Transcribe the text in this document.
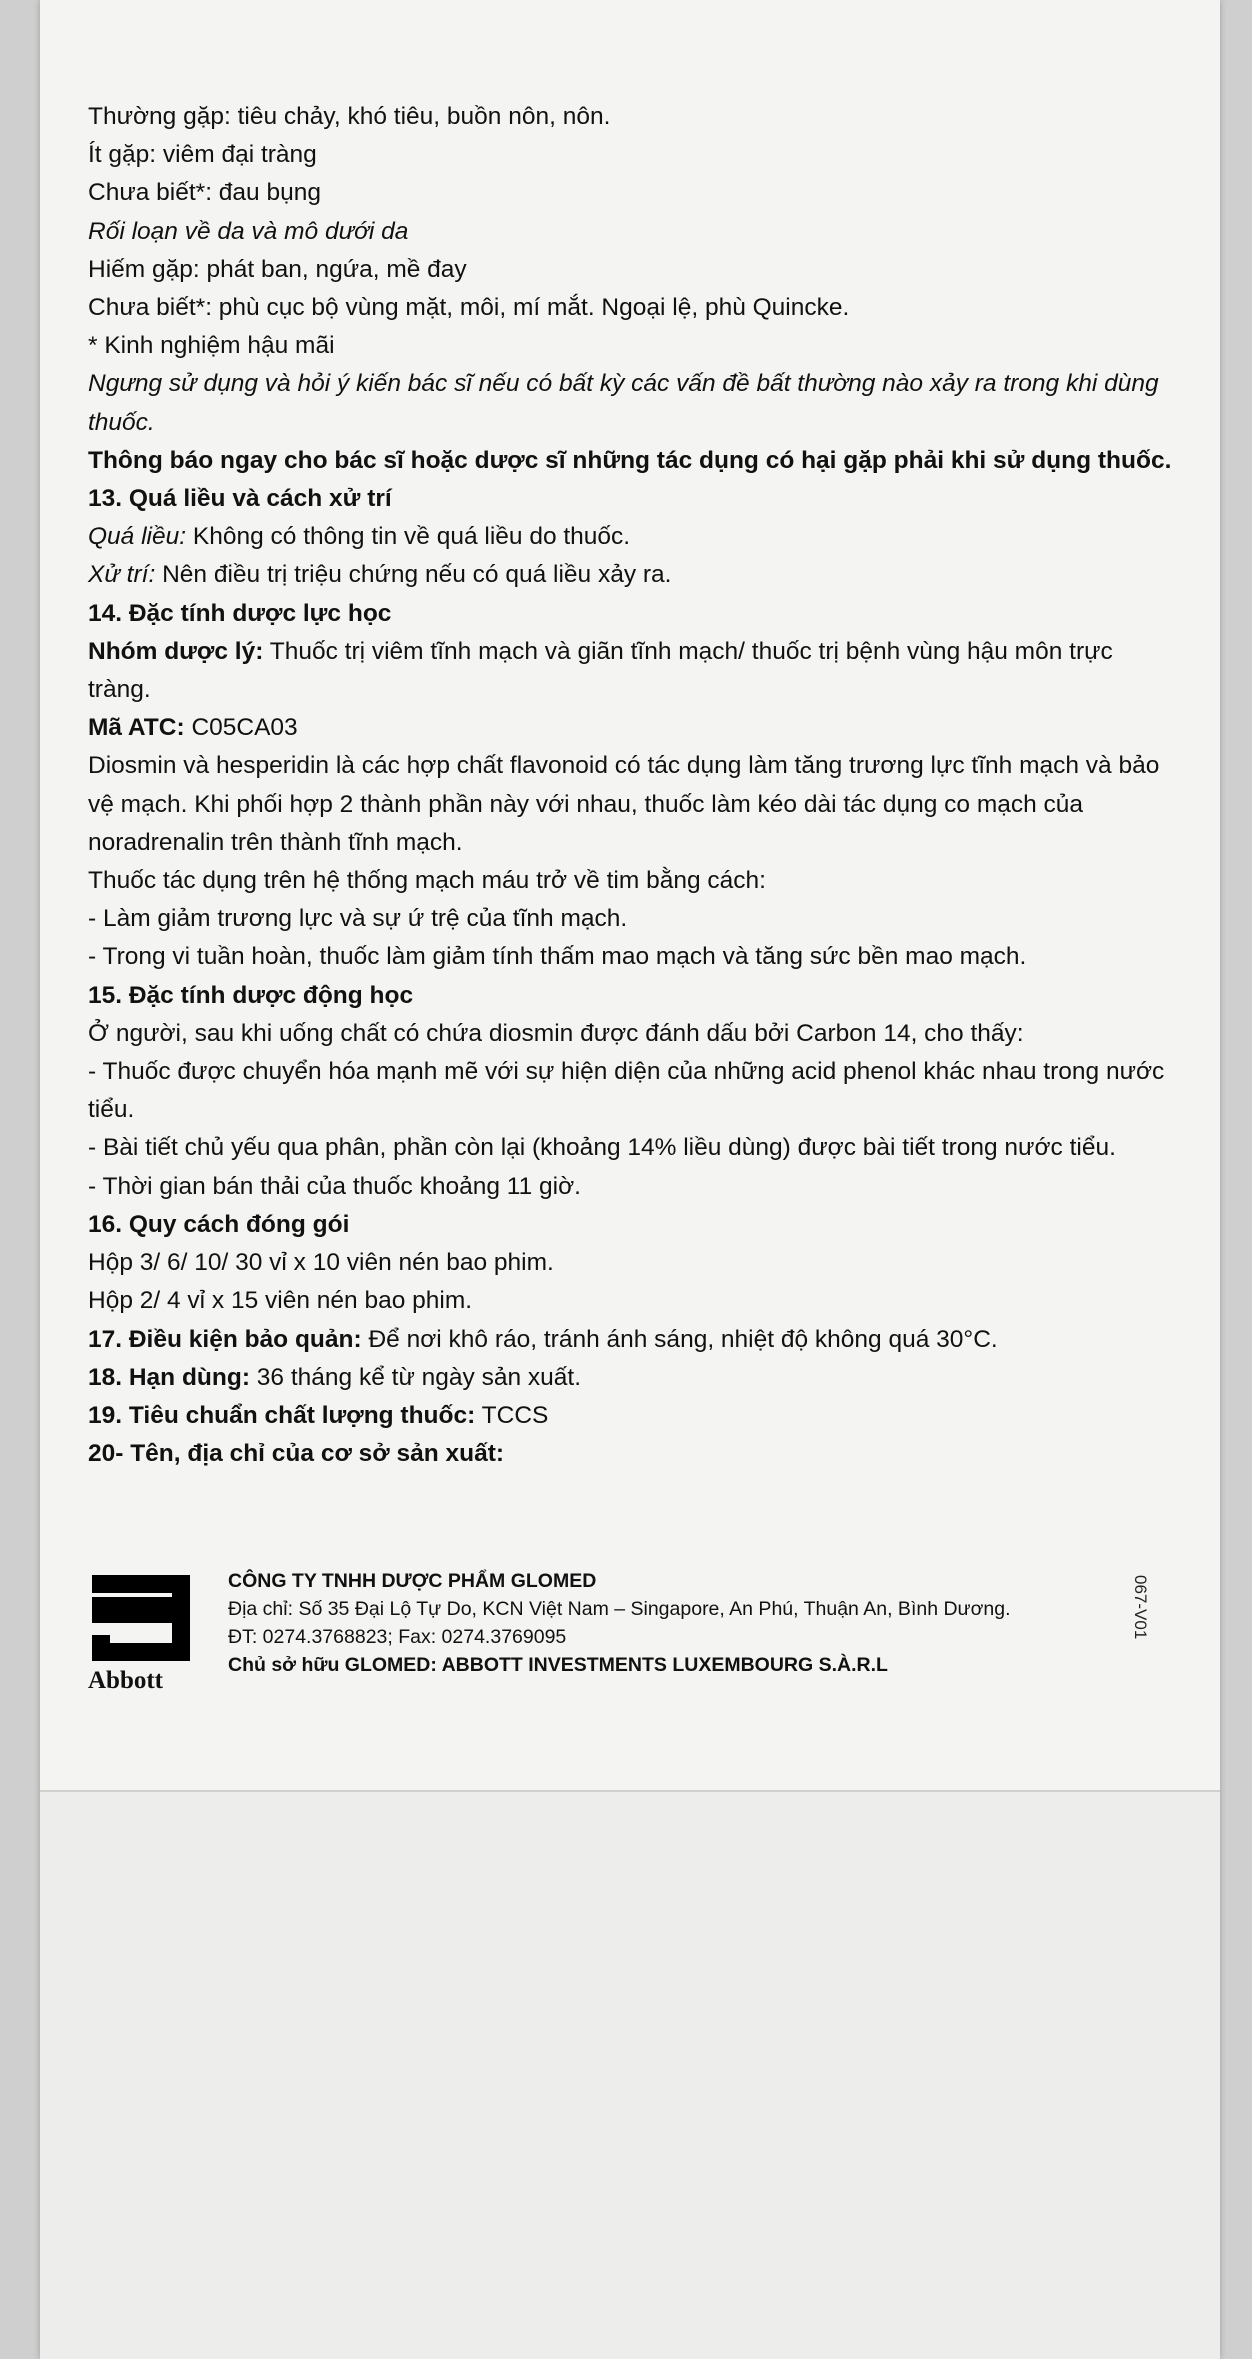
Thường gặp: tiêu chảy, khó tiêu, buồn nôn, nôn.
Ít gặp: viêm đại tràng
Chưa biết*: đau bụng
Rối loạn về da và mô dưới da
Hiếm gặp: phát ban, ngứa, mề đay
Chưa biết*: phù cục bộ vùng mặt, môi, mí mắt. Ngoại lệ, phù Quincke.
* Kinh nghiệm hậu mãi
Ngưng sử dụng và hỏi ý kiến bác sĩ nếu có bất kỳ các vấn đề bất thường nào xảy ra trong khi dùng thuốc.
Thông báo ngay cho bác sĩ hoặc dược sĩ những tác dụng có hại gặp phải khi sử dụng thuốc.
13. Quá liều và cách xử trí
Quá liều: Không có thông tin về quá liều do thuốc.
Xử trí: Nên điều trị triệu chứng nếu có quá liều xảy ra.
14. Đặc tính dược lực học
Nhóm dược lý: Thuốc trị viêm tĩnh mạch và giãn tĩnh mạch/ thuốc trị bệnh vùng hậu môn trực tràng.
Mã ATC: C05CA03
Diosmin và hesperidin là các hợp chất flavonoid có tác dụng làm tăng trương lực tĩnh mạch và bảo vệ mạch. Khi phối hợp 2 thành phần này với nhau, thuốc làm kéo dài tác dụng co mạch của noradrenalin trên thành tĩnh mạch.
Thuốc tác dụng trên hệ thống mạch máu trở về tim bằng cách:
- Làm giảm trương lực và sự ứ trệ của tĩnh mạch.
- Trong vi tuần hoàn, thuốc làm giảm tính thấm mao mạch và tăng sức bền mao mạch.
15. Đặc tính dược động học
Ở người, sau khi uống chất có chứa diosmin được đánh dấu bởi Carbon 14, cho thấy:
- Thuốc được chuyển hóa mạnh mẽ với sự hiện diện của những acid phenol khác nhau trong nước tiểu.
- Bài tiết chủ yếu qua phân, phần còn lại (khoảng 14% liều dùng) được bài tiết trong nước tiểu.
- Thời gian bán thải của thuốc khoảng 11 giờ.
16. Quy cách đóng gói
Hộp 3/ 6/ 10/ 30 vỉ x 10 viên nén bao phim.
Hộp 2/ 4 vỉ x 15 viên nén bao phim.
17. Điều kiện bảo quản: Để nơi khô ráo, tránh ánh sáng, nhiệt độ không quá 30°C.
18. Hạn dùng: 36 tháng kể từ ngày sản xuất.
19. Tiêu chuẩn chất lượng thuốc: TCCS
20- Tên, địa chỉ của cơ sở sản xuất:
Abbott
CÔNG TY TNHH DƯỢC PHẨM GLOMED
Địa chỉ: Số 35 Đại Lộ Tự Do, KCN Việt Nam – Singapore, An Phú, Thuận An, Bình Dương.
ĐT: 0274.3768823; Fax: 0274.3769095
Chủ sở hữu GLOMED: ABBOTT INVESTMENTS LUXEMBOURG S.À.R.L
067-V01
